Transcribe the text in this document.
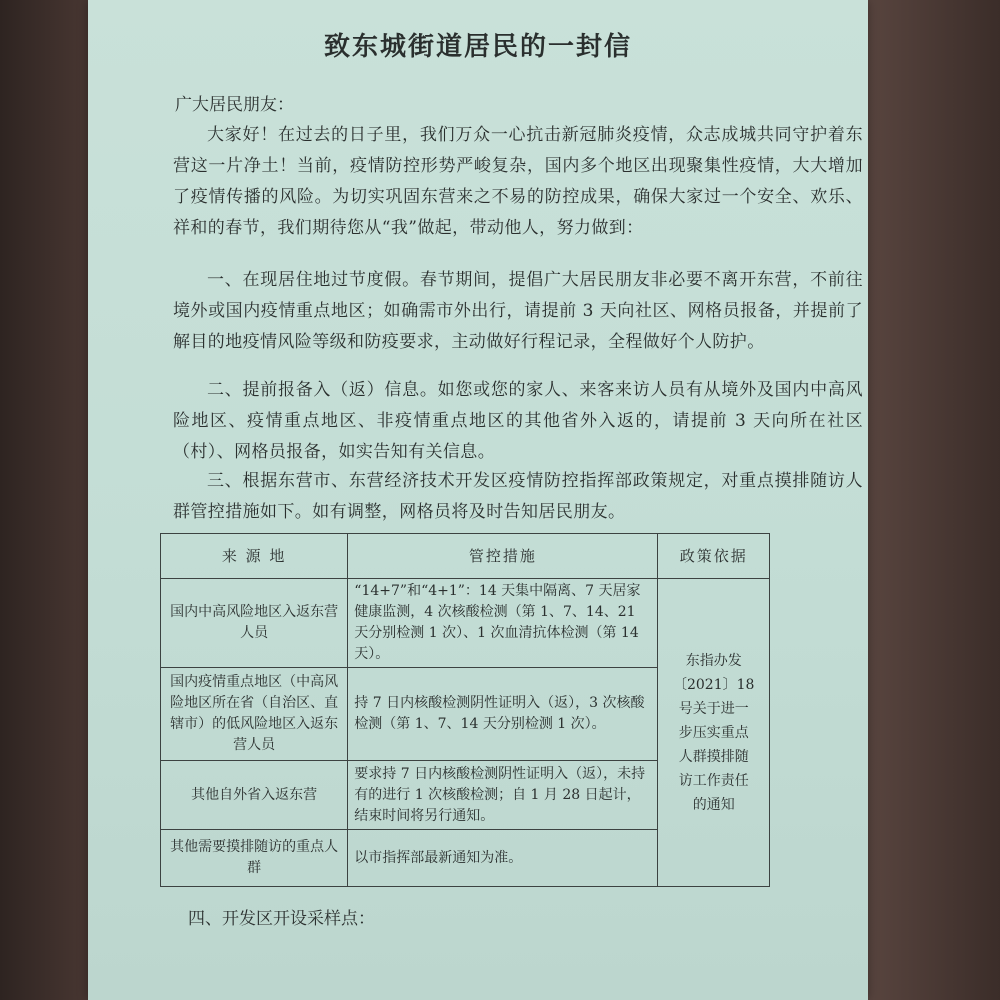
致东城街道居民的一封信
广大居民朋友：
大家好！在过去的日子里，我们万众一心抗击新冠肺炎疫情，众志成城共同守护着东营这一片净土！当前，疫情防控形势严峻复杂，国内多个地区出现聚集性疫情，大大增加了疫情传播的风险。为切实巩固东营来之不易的防控成果，确保大家过一个安全、欢乐、祥和的春节，我们期待您从“我”做起，带动他人，努力做到：
一、在现居住地过节度假。春节期间，提倡广大居民朋友非必要不离开东营，不前往境外或国内疫情重点地区；如确需市外出行，请提前 3 天向社区、网格员报备，并提前了解目的地疫情风险等级和防疫要求，主动做好行程记录，全程做好个人防护。
二、提前报备入（返）信息。如您或您的家人、来客来访人员有从境外及国内中高风险地区、疫情重点地区、非疫情重点地区的其他省外入返的，请提前 3 天向所在社区（村）、网格员报备，如实告知有关信息。
三、根据东营市、东营经济技术开发区疫情防控指挥部政策规定，对重点摸排随访人群管控措施如下。如有调整，网格员将及时告知居民朋友。
来 源 地	管控措施	政策依据
国内中高风险地区入返东营人员	“14+7”和“4+1”：14 天集中隔离、7 天居家健康监测，4 次核酸检测（第 1、7、14、21 天分别检测 1 次）、1 次血清抗体检测（第 14 天）。	东指办发〔2021〕18号关于进一步压实重点人群摸排随访工作责任的通知
国内疫情重点地区（中高风险地区所在省（自治区、直辖市）的低风险地区入返东营人员	持 7 日内核酸检测阴性证明入（返），3 次核酸检测（第 1、7、14 天分别检测 1 次）。	
其他自外省入返东营	要求持 7 日内核酸检测阴性证明入（返），未持有的进行 1 次核酸检测；自 1 月 28 日起计，结束时间将另行通知。	
其他需要摸排随访的重点人群	以市指挥部最新通知为准。	
四、开发区开设采样点：
